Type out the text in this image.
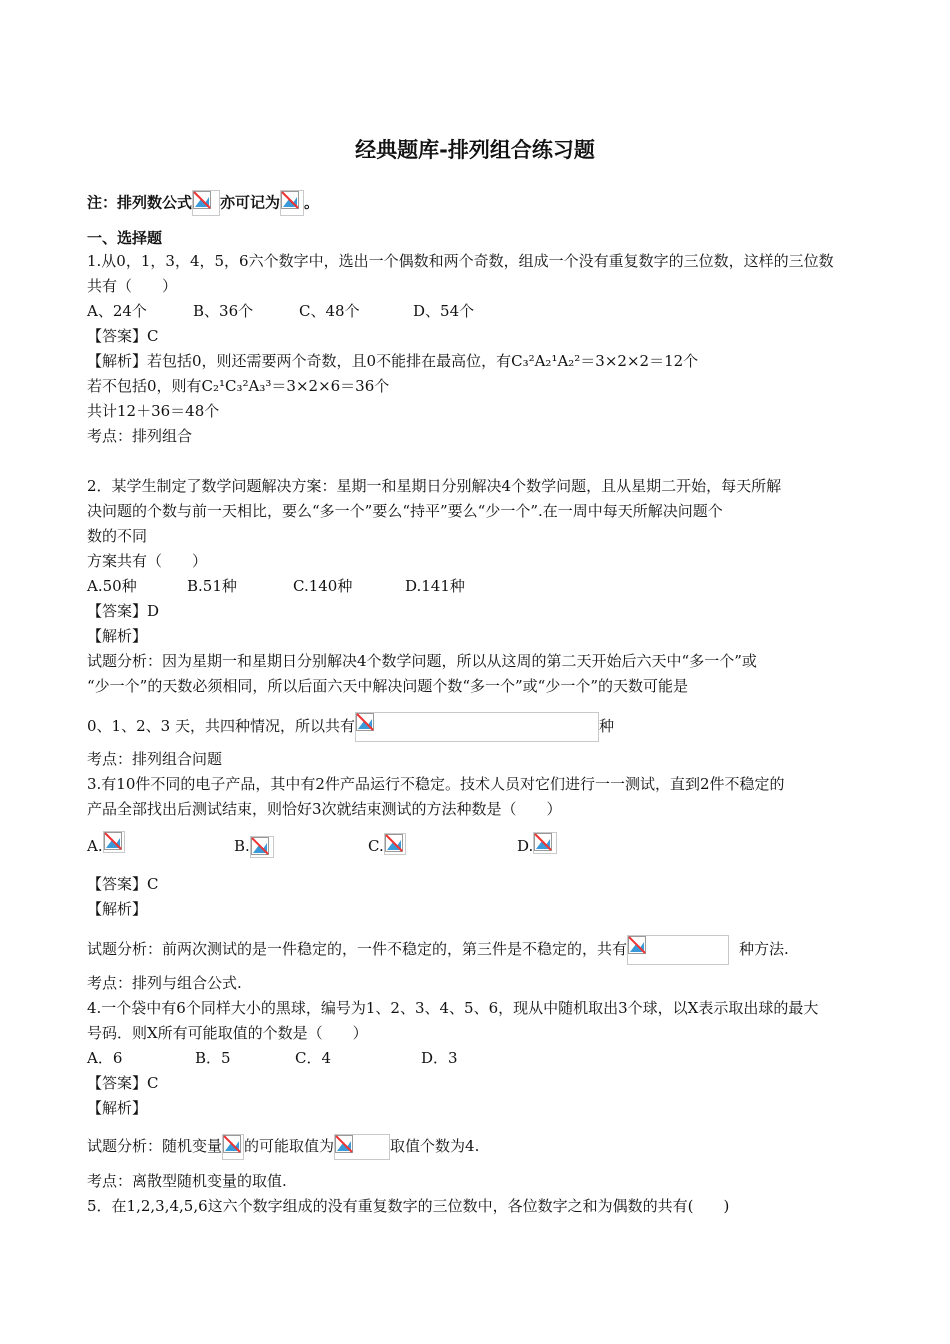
经典题库-排列组合练习题
注：排列数公式 亦可记为 。
一、选择题
1.从0，1，3，4，5，6六个数字中，选出一个偶数和两个奇数，组成一个没有重复数字的三位数，这样的三位数
共有（　　）
A、24个	B、36个	C、48个	D、54个
【答案】C
【解析】若包括0，则还需要两个奇数，且0不能排在最高位，有C₃²A₂¹A₂²＝3×2×2＝12个
若不包括0，则有C₂¹C₃²A₃³＝3×2×6＝36个
共计12＋36＝48个
考点：排列组合
2．某学生制定了数学问题解决方案：星期一和星期日分别解决4个数学问题，且从星期二开始，每天所解
决问题的个数与前一天相比，要么“多一个”要么“持平”要么“少一个”.在一周中每天所解决问题个
数的不同
方案共有（　　）
A.50种	B.51种	C.140种	D.141种
【答案】D
【解析】
试题分析：因为星期一和星期日分别解决4个数学问题，所以从这周的第二天开始后六天中“多一个”或
“少一个”的天数必须相同，所以后面六天中解决问题个数“多一个”或“少一个”的天数可能是
0、1、2、3 天，共四种情况，所以共有	种
考点：排列组合问题
3.有10件不同的电子产品，其中有2件产品运行不稳定。技术人员对它们进行一一测试，直到2件不稳定的
产品全部找出后测试结束，则恰好3次就结束测试的方法种数是（　　）
A.	B.	C.	D.
【答案】C
【解析】
试题分析：前两次测试的是一件稳定的，一件不稳定的，第三件是不稳定的，共有	种方法.
考点：排列与组合公式.
4.一个袋中有6个同样大小的黑球，编号为1、2、3、4、5、6，现从中随机取出3个球，以X表示取出球的最大
号码．则X所有可能取值的个数是（　　）
A．6	B．5	C．4	D．3
【答案】C
【解析】
试题分析：随机变量 的可能取值为	取值个数为4.
考点：离散型随机变量的取值.
5．在1,2,3,4,5,6这六个数字组成的没有重复数字的三位数中，各位数字之和为偶数的共有(　　)
